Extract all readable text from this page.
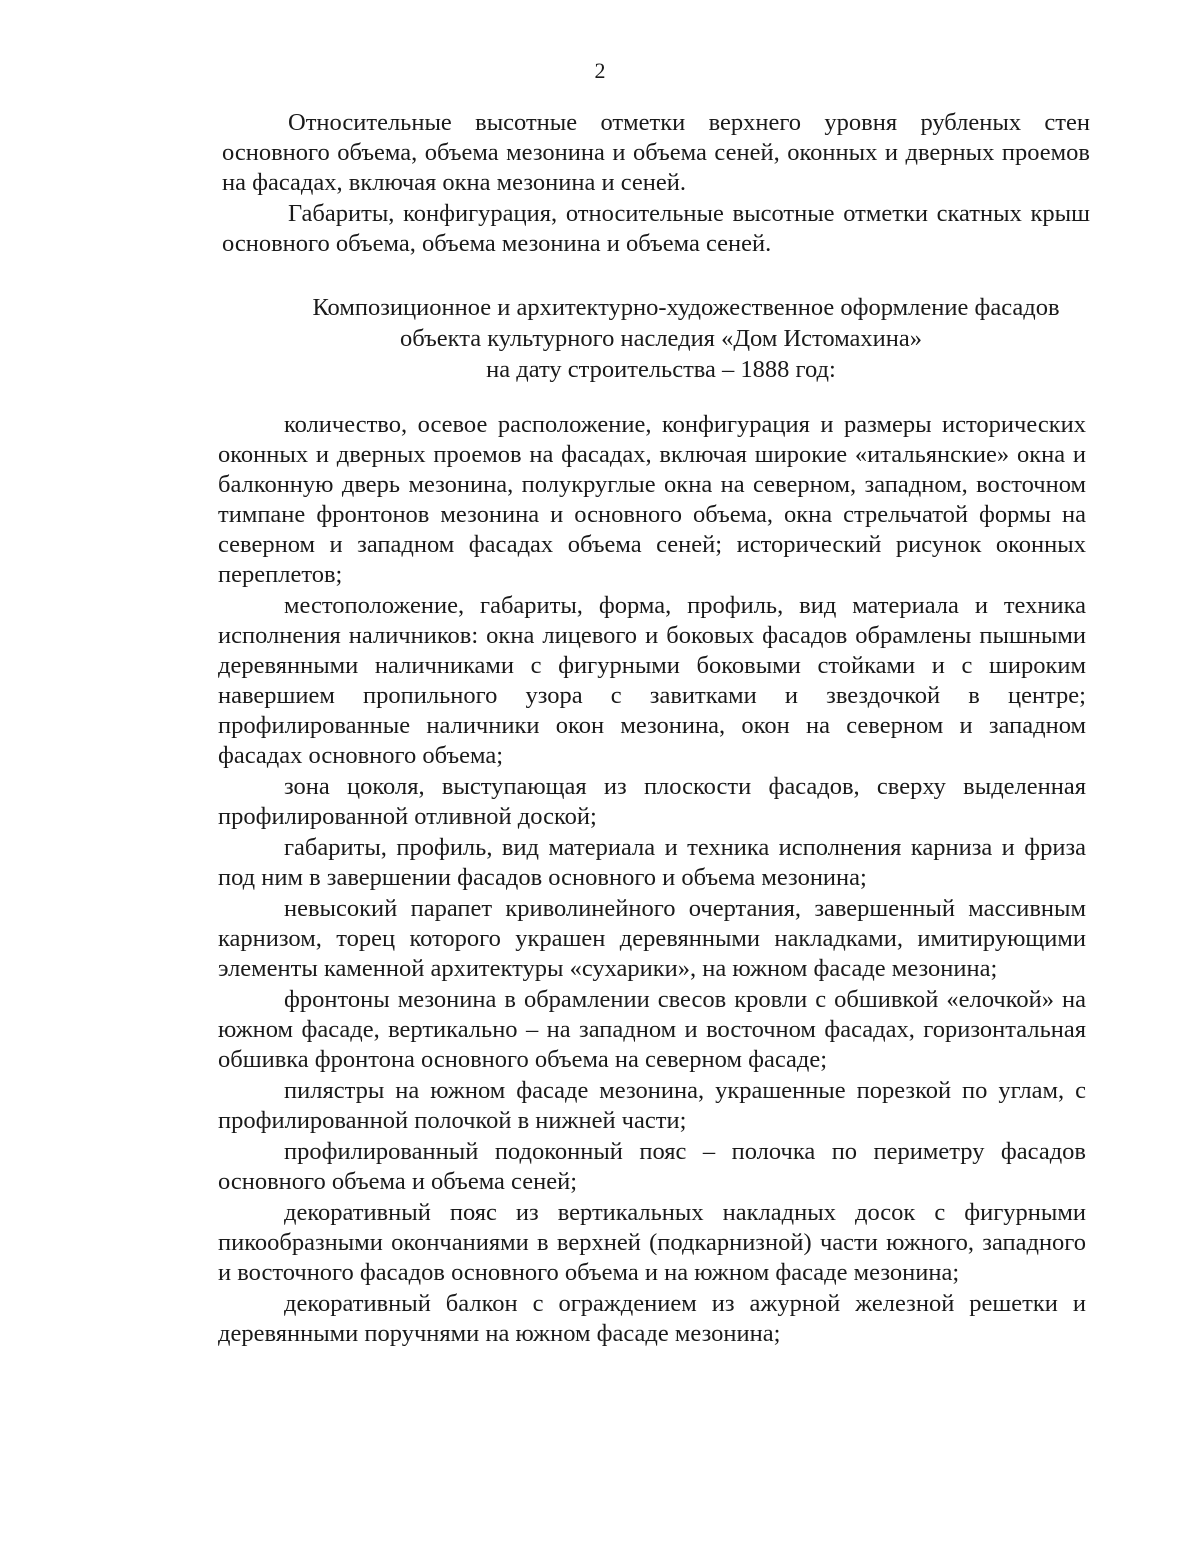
2

Относительные высотные отметки верхнего уровня рубленых стен основного объема, объема мезонина и объема сеней, оконных и дверных проемов на фасадах, включая окна мезонина и сеней.

Габариты, конфигурация, относительные высотные отметки скатных крыш основного объема, объема мезонина и объема сеней.

Композиционное и архитектурно-художественное оформление фасадов
объекта культурного наследия «Дом Истомахина»
на дату строительства – 1888 год:

количество, осевое расположение, конфигурация и размеры исторических оконных и дверных проемов на фасадах, включая широкие «итальянские» окна и балконную дверь мезонина, полукруглые окна на северном, западном, восточном тимпане фронтонов мезонина и основного объема, окна стрельчатой формы на северном и западном фасадах объема сеней; исторический рисунок оконных переплетов;

местоположение, габариты, форма, профиль, вид материала и техника исполнения наличников: окна лицевого и боковых фасадов обрамлены пышными деревянными наличниками с фигурными боковыми стойками и с широким навершием пропильного узора с завитками и звездочкой в центре; профилированные наличники окон мезонина, окон на северном и западном фасадах основного объема;

зона цоколя, выступающая из плоскости фасадов, сверху выделенная профилированной отливной доской;

габариты, профиль, вид материала и техника исполнения карниза и фриза под ним в завершении фасадов основного и объема мезонина;

невысокий парапет криволинейного очертания, завершенный массивным карнизом, торец которого украшен деревянными накладками, имитирующими элементы каменной архитектуры «сухарики», на южном фасаде мезонина;

фронтоны мезонина в обрамлении свесов кровли с обшивкой «елочкой» на южном фасаде, вертикально – на западном и восточном фасадах, горизонтальная обшивка фронтона основного объема на северном фасаде;

пилястры на южном фасаде мезонина, украшенные порезкой по углам, с профилированной полочкой в нижней части;

профилированный подоконный пояс – полочка по периметру фасадов основного объема и объема сеней;

декоративный пояс из вертикальных накладных досок с фигурными пикообразными окончаниями в верхней (подкарнизной) части южного, западного и восточного фасадов основного объема и на южном фасаде мезонина;

декоративный балкон с ограждением из ажурной железной решетки и деревянными поручнями на южном фасаде мезонина;
